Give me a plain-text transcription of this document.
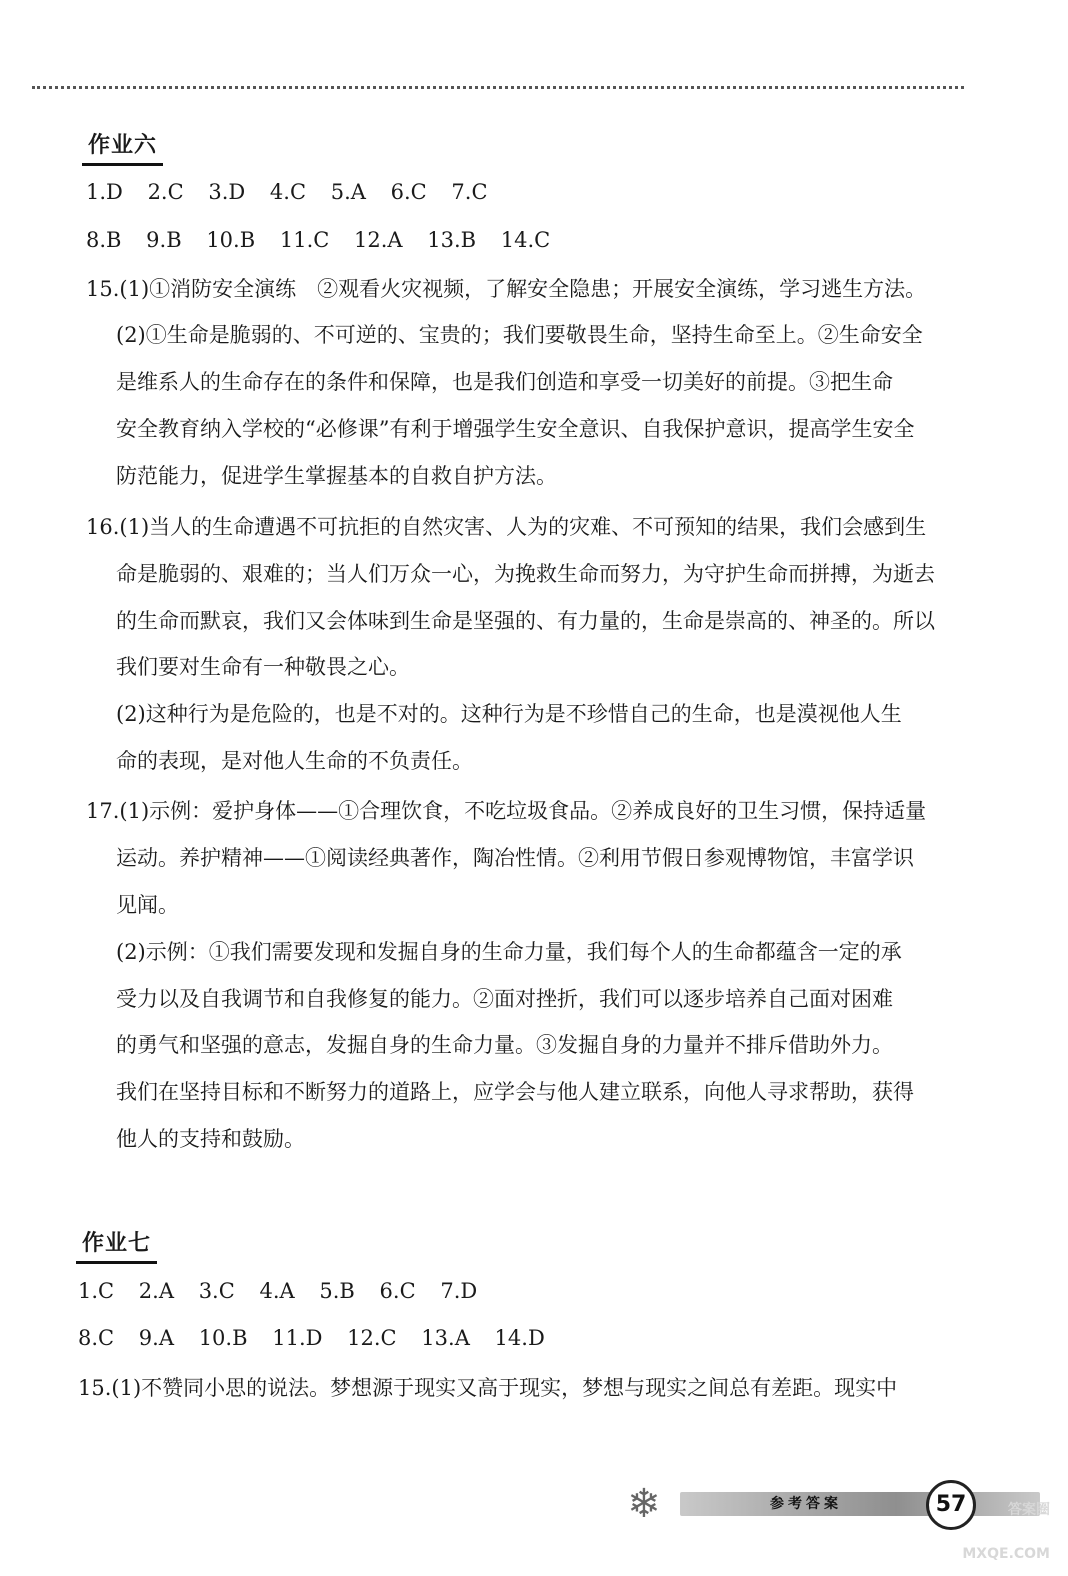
作业六
1.D 2.C 3.D 4.C 5.A 6.C 7.C
8.B 9.B 10.B 11.C 12.A 13.B 14.C
15.(1)①消防安全演练　②观看火灾视频，了解安全隐患；开展安全演练，学习逃生方法。
(2)①生命是脆弱的、不可逆的、宝贵的；我们要敬畏生命，坚持生命至上。②生命安全
是维系人的生命存在的条件和保障，也是我们创造和享受一切美好的前提。③把生命
安全教育纳入学校的“必修课”有利于增强学生安全意识、自我保护意识，提高学生安全
防范能力，促进学生掌握基本的自救自护方法。
16.(1)当人的生命遭遇不可抗拒的自然灾害、人为的灾难、不可预知的结果，我们会感到生
命是脆弱的、艰难的；当人们万众一心，为挽救生命而努力，为守护生命而拼搏，为逝去
的生命而默哀，我们又会体味到生命是坚强的、有力量的，生命是崇高的、神圣的。所以
我们要对生命有一种敬畏之心。
(2)这种行为是危险的，也是不对的。这种行为是不珍惜自己的生命，也是漠视他人生
命的表现，是对他人生命的不负责任。
17.(1)示例：爱护身体——①合理饮食，不吃垃圾食品。②养成良好的卫生习惯，保持适量
运动。养护精神——①阅读经典著作，陶冶性情。②利用节假日参观博物馆，丰富学识
见闻。
(2)示例：①我们需要发现和发掘自身的生命力量，我们每个人的生命都蕴含一定的承
受力以及自我调节和自我修复的能力。②面对挫折，我们可以逐步培养自己面对困难
的勇气和坚强的意志，发掘自身的生命力量。③发掘自身的力量并不排斥借助外力。
我们在坚持目标和不断努力的道路上，应学会与他人建立联系，向他人寻求帮助，获得
他人的支持和鼓励。
作业七
1.C 2.A 3.C 4.A 5.B 6.C 7.D
8.C 9.A 10.B 11.D 12.C 13.A 14.D
15.(1)不赞同小思的说法。梦想源于现实又高于现实，梦想与现实之间总有差距。现实中
❄	参考答案	57	答案圈 MXQE.COM
